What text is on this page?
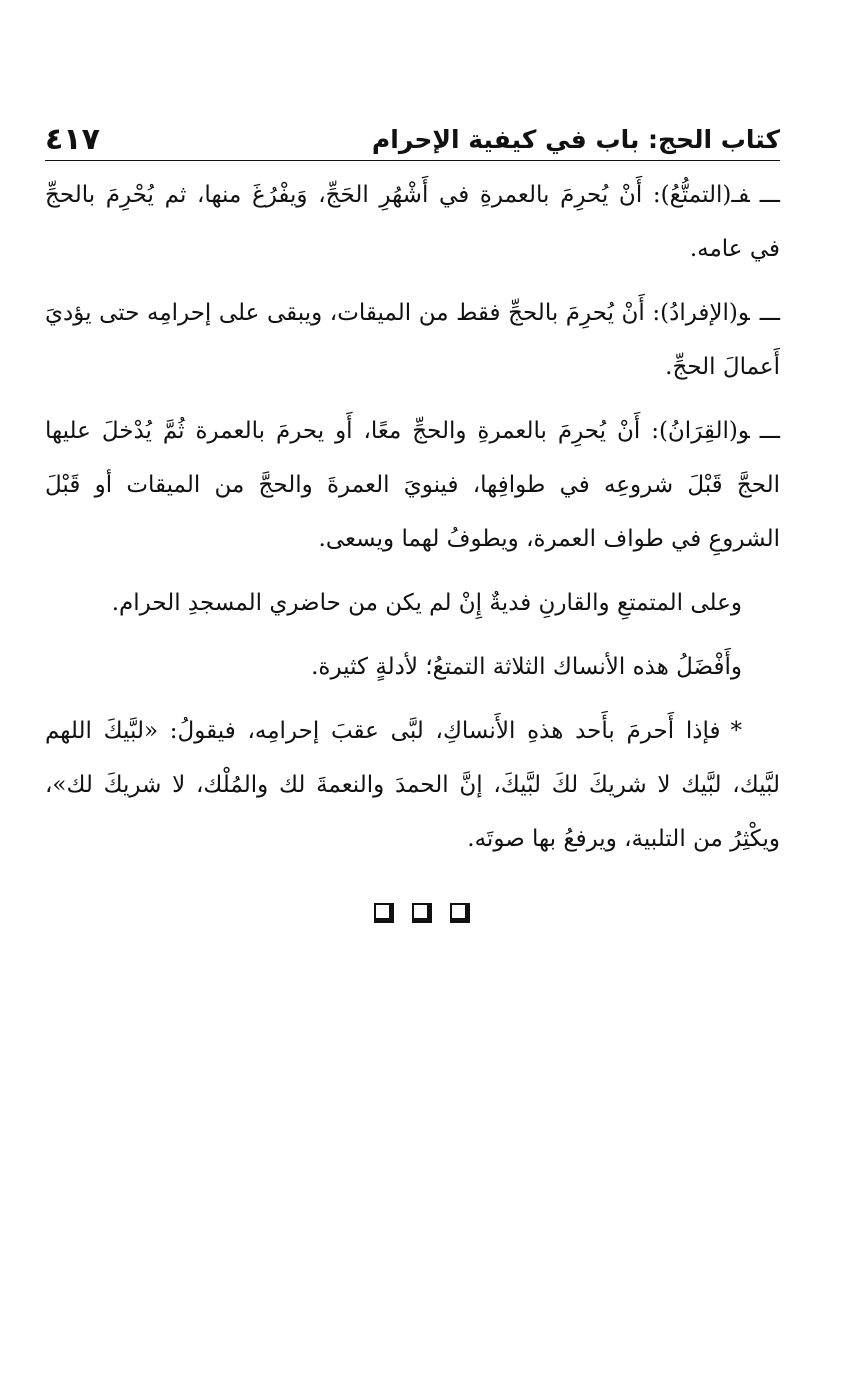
كتاب الحج: باب في كيفية الإحرام
٤١٧

ـــفـ(التمتُّعُ): أَنْ يُحرِمَ بالعمرةِ في أَشْهُرِ الحَجِّ، وَيفْرُغَ منها، ثم يُحْرِمَ بالحجِّ في عامه.

ـــو(الإفرادُ): أَنْ يُحرِمَ بالحجِّ فقط من الميقات، ويبقى على إحرامِه حتى يؤديَ أَعمالَ الحجِّ.

ـــو(القِرَانُ): أَنْ يُحرِمَ بالعمرةِ والحجِّ معًا، أَو يحرمَ بالعمرة ثُمَّ يُدْخلَ عليها الحجَّ قَبْلَ شروعِه في طوافِها، فينويَ العمرةَ والحجَّ من الميقات أو قَبْلَ الشروعِ في طواف العمرة، ويطوفُ لهما ويسعى.

وعلى المتمتعِ والقارنِ فديةٌ إِنْ لم يكن من حاضري المسجدِ الحرام.

وأَفْضَلُ هذه الأنساك الثلاثة التمتعُ؛ لأدلةٍ كثيرة.

*فإذا أَحرمَ بأَحد هذهِ الأَنساكِ، لبَّى عقبَ إحرامِه، فيقولُ: «لبَّيكَ اللهم لبَّيك، لبَّيك لا شريكَ لكَ لبَّيكَ، إنَّ الحمدَ والنعمةَ لك والمُلْك، لا شريكَ لك»، ويكْثِرُ من التلبية، ويرفعُ بها صوتَه.
